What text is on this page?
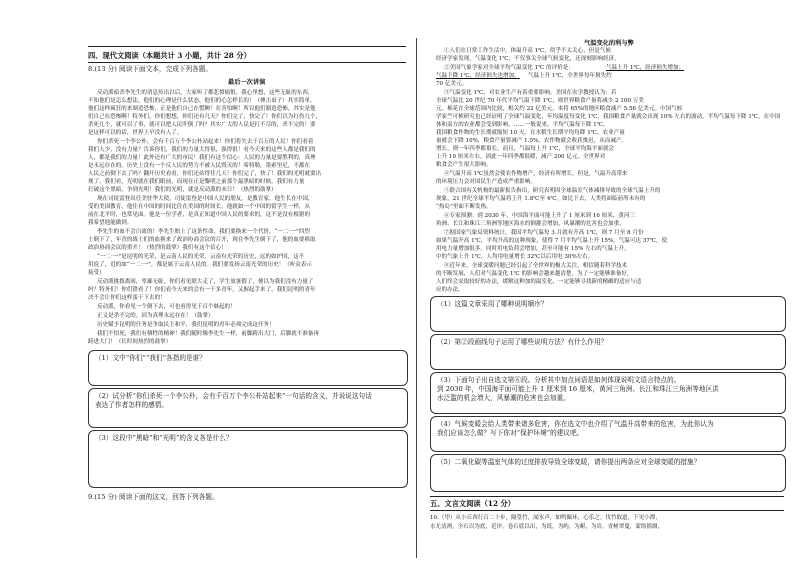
四、现代文阅读（本题共计 3 小题，共计 28 分）
8.(13 分) 阅读下面文本，完成下列各题。
最后一次讲演
反动派暗杀李先生的消息传出以后，大家听了都悲愤痛恨。我心里想，这些无耻的东西，
不知他们是怎么想法，他们的心理是什么状态，他们的心怎样长的！（捶击桌子）其实简单，
他们这样疯狂的来制造恐怖，正是他们自己在慌啊！在害怕啊！所以他们制造恐怖，其实是他
们自己在恐怖啊！特务们，你们想想，你们还有几天？你们完了，快完了！你们以为打伤几个，
杀死几个，就可以了事，就可以把人民吓倒了吗？其实广大的人民是打不尽的，杀不完的！要
是这样可以的话，世界上早没有人了。
你们杀死一个李公朴，会有千百万个李公朴站起来！你们将失去千百万的人民！你们看着
我们人少，没有力量？告诉你们，我们的力量大得很，强得很！看今天来的这些人都是我们的
人，都是我们的力量！此外还有广大的市民！我们有这个信心：人民的力量是要胜利的，真理
是永远存在的。历史上没有一个反人民的势力不被人民毁灭的！希特勒，墨索里尼，不都在
人民之前倒下去了吗？翻开历史看看，你们还站得住几天！你们完了，快了！我们的光明就要出
现了。我们看，光明就在我们眼前，而现在正是黎明之前那个最黑暗的时候。我们有力量
打破这个黑暗，争到光明！我们的光明，就是反动派的末日！（热烈的鼓掌）
现在司徒雷登出任美驻华大使，司徒雷登是中国人民的朋友，是教育家，他生长在中国，
受的美国教育。他住在中国的时间比住在美国的时间长，他就如一个中国的留学生一样，从
前在北平时，也常见面。他是一位学者，是真正知道中国人民的要求的，这不是没有根据的
我希望他能做到。
李先生的血不会白流的！李先生赔上了这条性命，我们要换来一个代价。“一二·一”四烈
士倒下了，年青的战士们的血换来了政治协商会议的召开，现在李先生倒下了，他的血要换取
政治协商会议的重开！（热烈的鼓掌）我们有这个信心！
“一二·一”是昆明的光荣，是云南人民的光荣。云南有光荣的历史，远的如护国，这不
用说了，近的如“一二·一”，都是属于云南人民的。我们要发扬云南光荣的历史！（听众表示
接受）
反动派挑拨离间，卑鄙无耻，你们看见联大走了，学生放暑假了，便以为我们没有力量了
吗？特务们！你们错看了！你们看今天来的会有一千多青年，又握起手来了，我们昆明的青年
决不会让你们这样蛮干下去的！
反动派，你看见一个倒下去，可也看得见千百个继起的！
正义是杀不完的，因为真理永远存在！（鼓掌）
历史赋予昆明的任务是争取民主和平，我们昆明的青年必须完成这任务！
我们不怕死，我们有牺牲的精神！我们随时像李先生一样，前脚跨出大门，后脚就不准备再
跨进大门！（长时间热烈的鼓掌）
（1）文中“你们”“我们”各指的是谁？
（2）试分析“你们杀死一个李公朴，会有千百万个李公朴站起来”一句话的含义，并说说这句话
表达了作者怎样的感情。
（3）这段中“黑暗”和“光明”的含义各是什么？
9.(15 分) 阅读下面的这文，回答下列各题。
气温变化的利与弊
①人们在日常工作生活中，体温升高 1℃，似乎不太关心，但是气候
经济学家发现，气温变化 1℃，不仅事关全球气候变化，还深刻影响经济。
②美国气象学家对全球平均气温变化 1℃ 的评价是：	气温上升 1℃，经济损失增加；
气温下降 1℃，经济损失也增加。 气温上升 1℃，全世界每年损失约
70 亿美元。
③气温变化 1℃，对农业生产有着重要影响。美国在农学教授认为：若
全球气温比 20 世纪 70 年代平均气温下降 1℃，则世界粮食产量将减少 2 100 万美
元。棉花在全球范围内比较，相关约 22 亿美元，本将 65%的地区粮食减产 5.56 亿美元。中国气候
学家竺可桢研究也已经证明了全球气温变化，年均温度每变化 1℃，我国粮食产量就会出现 10% 左右的波动，平均气温每下降 1℃，在中国
休和南方的农业都会受到影响，……一般说来，平均气温每下降 1℃，
我国粮食作物的生长期就缩短 10 天。在水稻生长期平均每降 1℃，农业产量
量就会下降 10%，粮食产量要减产 1.5%，农作物就会收获推迟，从而减产。
增长，则一年四季都很长。而且，气温每上升 1℃，全球平均海平面就会
上升 10 厘米左右，因此一年四季都很暖，减产 200 亿元。全世界对
粮食会产生很大影响。
④气温升高 1℃虽然会使农作物增产，经济有所增长，但是，气温升高带来
的环境压力会对国民生产造成严重影响。
⑤联合国有关机构的最新报告指出，研究表明因全球温室气体减排导致的全球气温上升的
现象，21 世纪全球平均气温将上升 1.8℃至 4℃。如比下去，人类将面临前所未有的
“热岛”里面不断发热。
⑥专家预测：到 2030 年，中国海平面可能上升了 1 厘米到 16 厘米，黄河三
角洲、长江和珠江三角洲等地区海水的倒灌会增加，风暴潮的危害也会加重。
⑦据国家气象局资料统计，我国平均气温每 3 月就有升高 1℃，则 7 月至 8 月份
如果气温升高 1℃，平均升高的这种现象，使得 7 月平均气温上升 15%，气温可达 37℃，使
用电力量增加很多。同时用电负荷会增加，甚至可能有 15% 左右的气温上升。
中的气象上升 1℃，人均用电量增长 32℃以后用电 30%左右。
⑧近年来，全球变暖问题已经引起了全世界的极大关注。相信随着科学技术
的不断发展，人们对气温变化 1℃ 的影响会越来越清楚。为了一定能够准备好，
人们终会采取较好的办法，缓解这种加的温室化，一定能够寻找新的精确的适应与适
应的办法。
（1）这篇文章采用了哪种说明顺序？
（2）第②段画线句子运用了哪些说明方法？有什么作用？
（3）下面句子出自选文第⑥段。分析其中加点词语是如何体现说明文语言特点的。
到 2030 年，中国海平面可能上升 1 厘米到 16 厘米，黄河三角洲、长江和珠江三角洲等地区洪
水泛滥的机会增大，风暴潮的危害也会加重。
（4）气候变暖会给人类带来诸多危害，你在选文中也介绍了气温升高带来的危害，为此你认为
我们应该怎么做？写下你对“保护环境”的建议吧。
（5）二氧化碳等温室气体的过度排放导致全球变暖，请你提出两条应对全球变暖的措施？
五、文言文阅读（12 分）
10.（甲）从小丘西行百二十步，隔篁竹，闻水声，如鸣佩环，心乐之。伐竹取道，下见小潭，
水尤清冽。全石以为底，近岸，卷石底以出，为坻，为屿，为嵁，为岩。青树翠蔓，蒙络摇缀，
